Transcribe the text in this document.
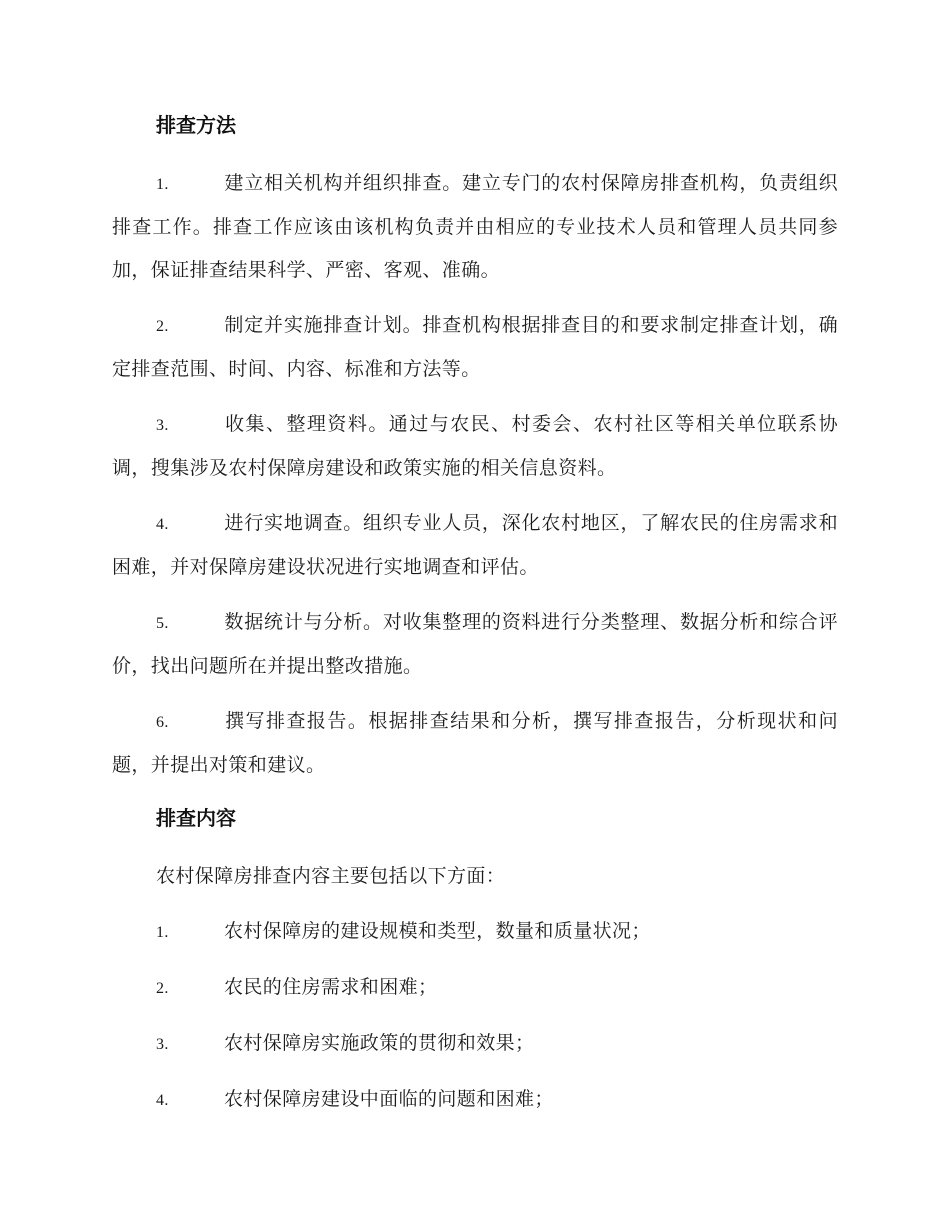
排查方法
1.	建立相关机构并组织排查。建立专门的农村保障房排查机构，负责组织排查工作。排查工作应该由该机构负责并由相应的专业技术人员和管理人员共同参加，保证排查结果科学、严密、客观、准确。
2.	制定并实施排查计划。排查机构根据排查目的和要求制定排查计划，确定排查范围、时间、内容、标准和方法等。
3.	收集、整理资料。通过与农民、村委会、农村社区等相关单位联系协调，搜集涉及农村保障房建设和政策实施的相关信息资料。
4.	进行实地调查。组织专业人员，深化农村地区，了解农民的住房需求和困难，并对保障房建设状况进行实地调查和评估。
5.	数据统计与分析。对收集整理的资料进行分类整理、数据分析和综合评价，找出问题所在并提出整改措施。
6.	撰写排查报告。根据排查结果和分析，撰写排查报告，分析现状和问题，并提出对策和建议。
排查内容
农村保障房排查内容主要包括以下方面：
1.	农村保障房的建设规模和类型，数量和质量状况；
2.	农民的住房需求和困难；
3.	农村保障房实施政策的贯彻和效果；
4.	农村保障房建设中面临的问题和困难；
